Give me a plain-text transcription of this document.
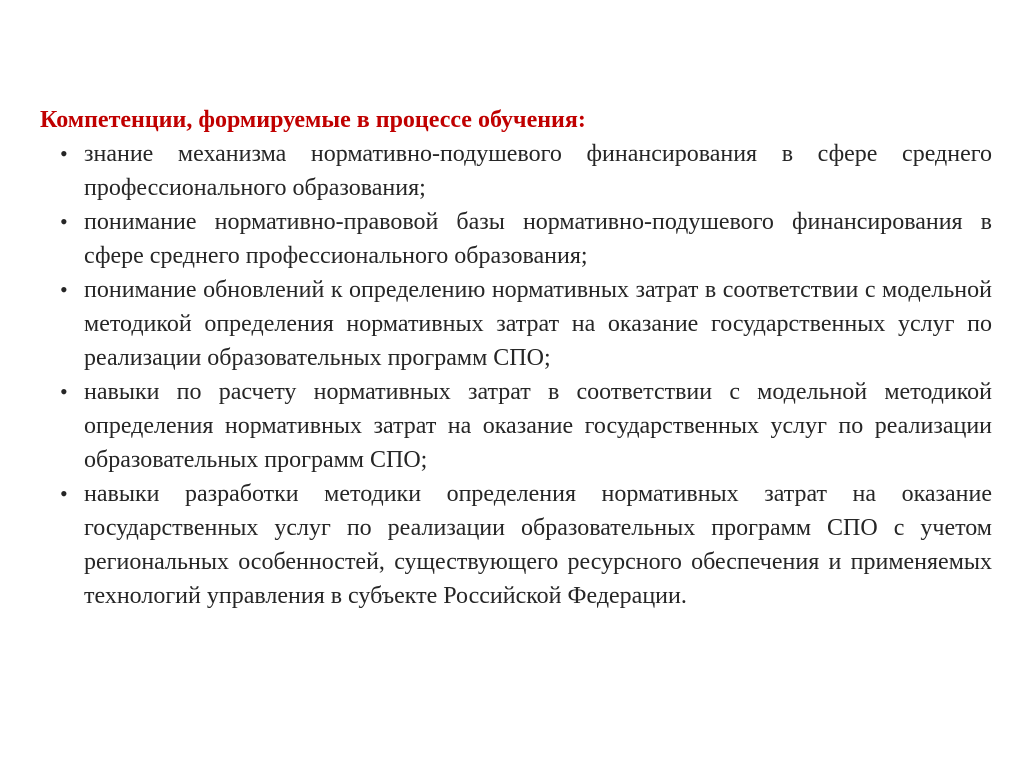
Компетенции, формируемые в процессе обучения:

• знание механизма нормативно-подушевого финансирования в сфере среднего профессионального образования;
• понимание нормативно-правовой базы нормативно-подушевого финансирования в сфере среднего профессионального образования;
• понимание обновлений к определению нормативных затрат в соответствии с модельной методикой определения нормативных затрат на оказание государственных услуг по реализации образовательных программ СПО;
• навыки по расчету нормативных затрат в соответствии с модельной методикой определения нормативных затрат на оказание государственных услуг по реализации образовательных программ СПО;
• навыки разработки методики определения нормативных затрат на оказание государственных услуг по реализации образовательных программ СПО с учетом региональных особенностей, существующего ресурсного обеспечения и применяемых технологий управления в субъекте Российской Федерации.
